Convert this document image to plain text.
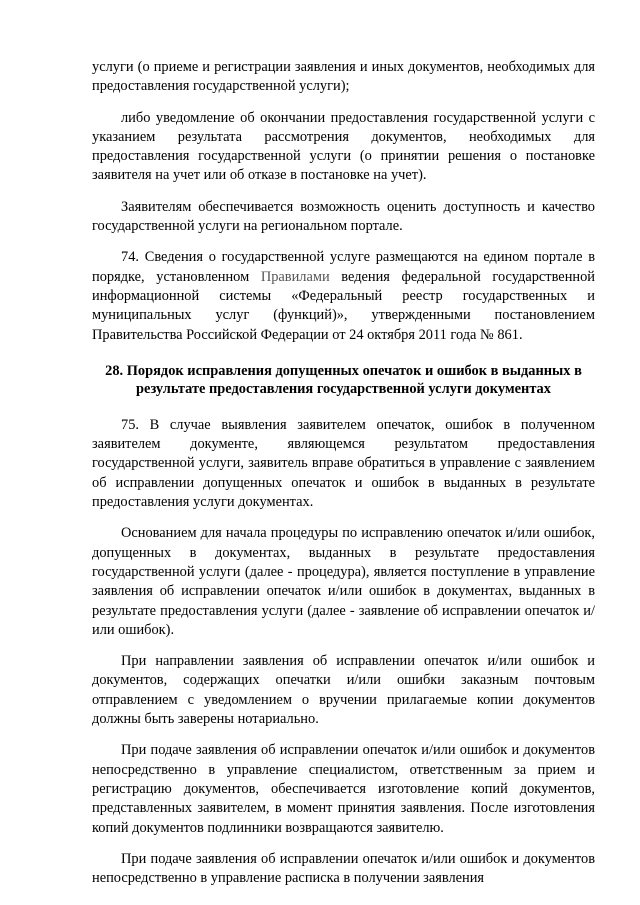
услуги (о приеме и регистрации заявления и иных документов, необходимых для предоставления государственной услуги);

либо уведомление об окончании предоставления государственной услуги с указанием результата рассмотрения документов, необходимых для предоставления государственной услуги (о принятии решения о постановке заявителя на учет или об отказе в постановке на учет).

Заявителям обеспечивается возможность оценить доступность и качество государственной услуги на региональном портале.

74. Сведения о государственной услуге размещаются на едином портале в порядке, установленном Правилами ведения федеральной государственной информационной системы «Федеральный реестр государственных и муниципальных услуг (функций)», утвержденными постановлением Правительства Российской Федерации от 24 октября 2011 года № 861.

28. Порядок исправления допущенных опечаток и ошибок в выданных в результате предоставления государственной услуги документах

75. В случае выявления заявителем опечаток, ошибок в полученном заявителем документе, являющемся результатом предоставления государственной услуги, заявитель вправе обратиться в управление с заявлением об исправлении допущенных опечаток и ошибок в выданных в результате предоставления услуги документах.

Основанием для начала процедуры по исправлению опечаток и/или ошибок, допущенных в документах, выданных в результате предоставления государственной услуги (далее - процедура), является поступление в управление заявления об исправлении опечаток и/или ошибок в документах, выданных в результате предоставления услуги (далее - заявление об исправлении опечаток и/или ошибок).

При направлении заявления об исправлении опечаток и/или ошибок и документов, содержащих опечатки и/или ошибки заказным почтовым отправлением с уведомлением о вручении прилагаемые копии документов должны быть заверены нотариально.

При подаче заявления об исправлении опечаток и/или ошибок и документов непосредственно в управление специалистом, ответственным за прием и регистрацию документов, обеспечивается изготовление копий документов, представленных заявителем, в момент принятия заявления. После изготовления копий документов подлинники возвращаются заявителю.

При подаче заявления об исправлении опечаток и/или ошибок и документов непосредственно в управление расписка в получении заявления
